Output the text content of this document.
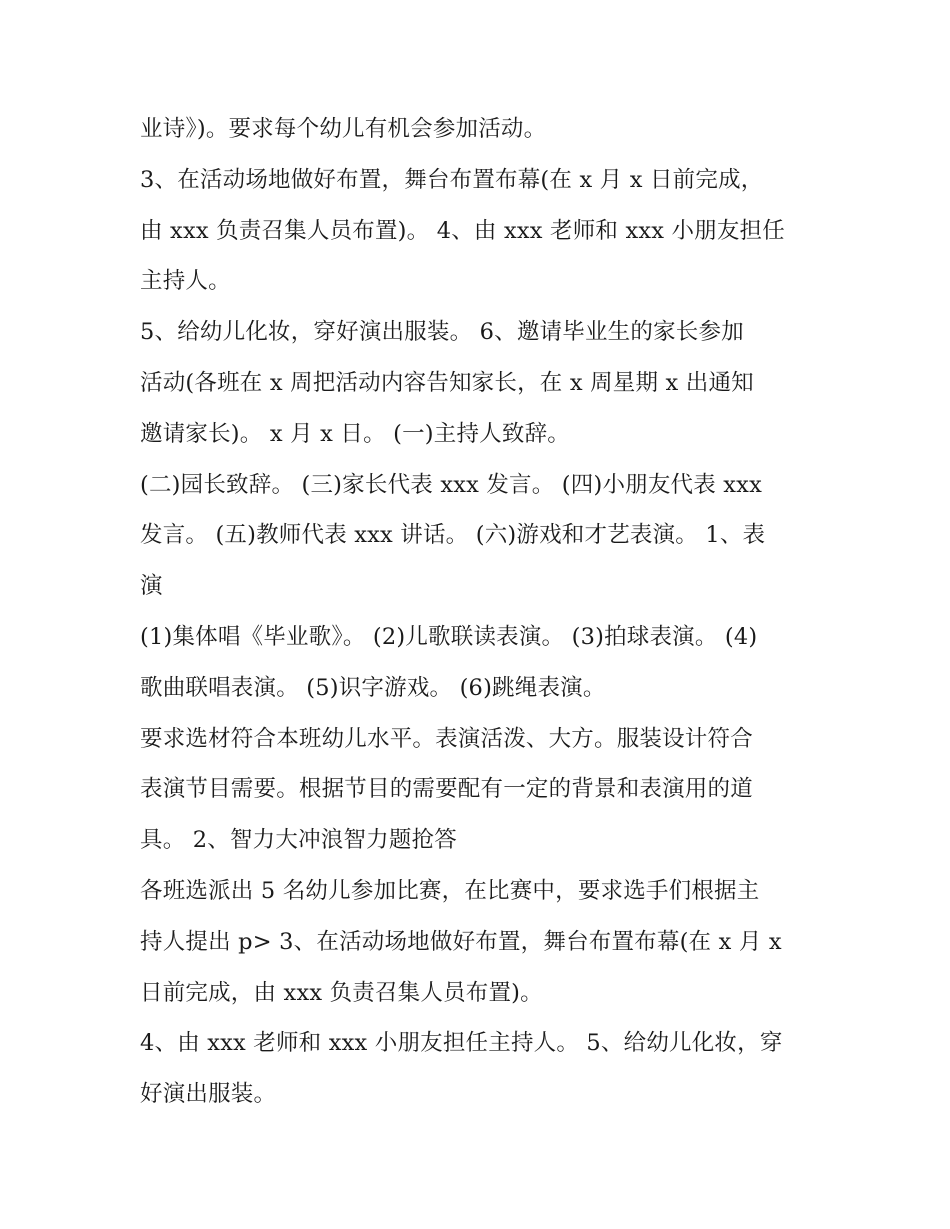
业诗》)。要求每个幼儿有机会参加活动。
3、在活动场地做好布置，舞台布置布幕(在 x 月 x 日前完成，
由 xxx 负责召集人员布置)。 4、由 xxx 老师和 xxx 小朋友担任
主持人。
5、给幼儿化妆，穿好演出服装。 6、邀请毕业生的家长参加
活动(各班在 x 周把活动内容告知家长，在 x 周星期 x 出通知
邀请家长)。 x 月 x 日。 (一)主持人致辞。
(二)园长致辞。 (三)家长代表 xxx 发言。 (四)小朋友代表 xxx
发言。 (五)教师代表 xxx 讲话。 (六)游戏和才艺表演。 1、表
演
(1)集体唱《毕业歌》。 (2)儿歌联读表演。 (3)拍球表演。 (4)
歌曲联唱表演。 (5)识字游戏。 (6)跳绳表演。
要求选材符合本班幼儿水平。表演活泼、大方。服装设计符合
表演节目需要。根据节目的需要配有一定的背景和表演用的道
具。 2、智力大冲浪智力题抢答
各班选派出 5 名幼儿参加比赛，在比赛中，要求选手们根据主
持人提出 p> 3、在活动场地做好布置，舞台布置布幕(在 x 月 x
日前完成，由 xxx 负责召集人员布置)。
4、由 xxx 老师和 xxx 小朋友担任主持人。 5、给幼儿化妆，穿
好演出服装。
